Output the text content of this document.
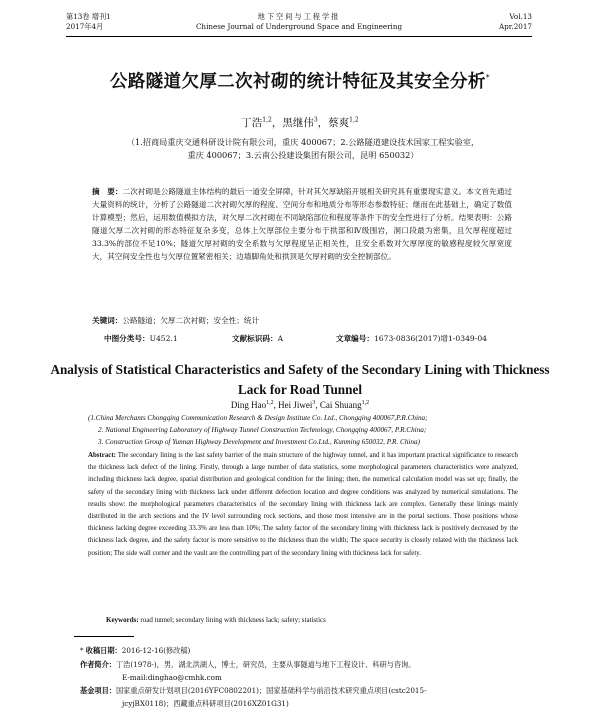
第13卷 增刊1
2017年4月
地下空间与工程学报
Chinese Journal of Underground Space and Engineering
Vol.13
Apr.2017
公路隧道欠厚二次衬砌的统计特征及其安全分析*
丁浩$^{1,2}$，黑继伟$^3$，蔡爽$^{1,2}$
（1.招商局重庆交通科研设计院有限公司，重庆 400067；2.公路隧道建设技术国家工程实验室，
重庆 400067；3.云南公投建设集团有限公司，昆明 650032）
摘　要：二次衬砌是公路隧道主体结构的最后一道安全屏障，针对其欠厚缺陷开展相关研究具有重要现实意义。本文首先通过大量资料的统计，分析了公路隧道二次衬砌欠厚的程度、空间分布和地质分布等形态参数特征；继而在此基础上，确定了数值计算模型；然后，运用数值模拟方法，对欠厚二次衬砌在不同缺陷部位和程度等条件下的安全性进行了分析。结果表明：公路隧道欠厚二次衬砌的形态特征复杂多变，总体上欠厚部位主要分布于拱部和Ⅳ级围岩，洞口段最为密集，且欠厚程度超过33.3%的部位不足10%；隧道欠厚衬砌的安全系数与欠厚程度呈正相关性，且安全系数对欠厚厚度的敏感程度较欠厚宽度大，其空间安全性也与欠厚位置紧密相关；边墙脚角处和拱顶是欠厚衬砌的安全控制部位。
关键词：公路隧道；欠厚二次衬砌；安全性；统计
中图分类号：U452.1	文献标识码：A	文章编号：1673-0836(2017)增1-0349-04
Analysis of Statistical Characteristics and Safety of the Secondary Lining with Thickness Lack for Road Tunnel
Ding Hao$^{1,2}$, Hei Jiwei$^3$, Cai Shuang$^{1,2}$
(1.China Merchants Chongqing Communication Research & Design Institute Co. Ltd., Chongqing 400067,P.R.China;
2. National Engineering Laboratory of Highway Tunnel Construction Technology, Chongqing 400067, P.R.China;
3. Construction Group of Yunnan Highway Development and Investment Co.Ltd., Kunming 650032, P.R. China)
Abstract: The secondary lining is the last safety barrier of the main structure of the highway tunnel, and it has important practical significance to research the thickness lack defect of the lining. Firstly, through a large number of data statistics, some morphological parameters characteristics were analyzed, including thickness lack degree, spatial distribution and geological condition for the lining; then, the numerical calculation model was set up; finally, the safety of the secondary lining with thickness lack under different defection location and degree conditions was analyzed by numerical simulations. The results show: the morphological parameters characteristics of the secondary lining with thickness lack are complex. Generally these linings mainly distributed in the arch sections and the IV level surrounding rock sections, and those most intensive are in the portal sections. Those positions whose thickness lacking degree exceeding 33.3% are less than 10%; The safety factor of the secondary lining with thickness lack is positively decreased by the thickness lack degree, and the safety factor is more sensitive to the thickness than the width; The space security is closely related with the thickness lack position; The side wall corner and the vault are the controlling part of the secondary lining with thickness lack for safety.
Keywords: road tunnel; secondary lining with thickness lack; safety; statistics
* 收稿日期：2016-12-16(修改稿)
作者简介：丁浩(1978-)，男，湖北洪湖人，博士，研究员，主要从事隧道与地下工程设计、科研与咨询。
E-mail:dinghao@cmhk.com
基金项目：国家重点研发计划项目(2016YFC0802201)；国家基础科学与前沿技术研究重点项目(cstc2015-
jcyjBX0118)；西藏重点科研项目(2016XZ01G31)
